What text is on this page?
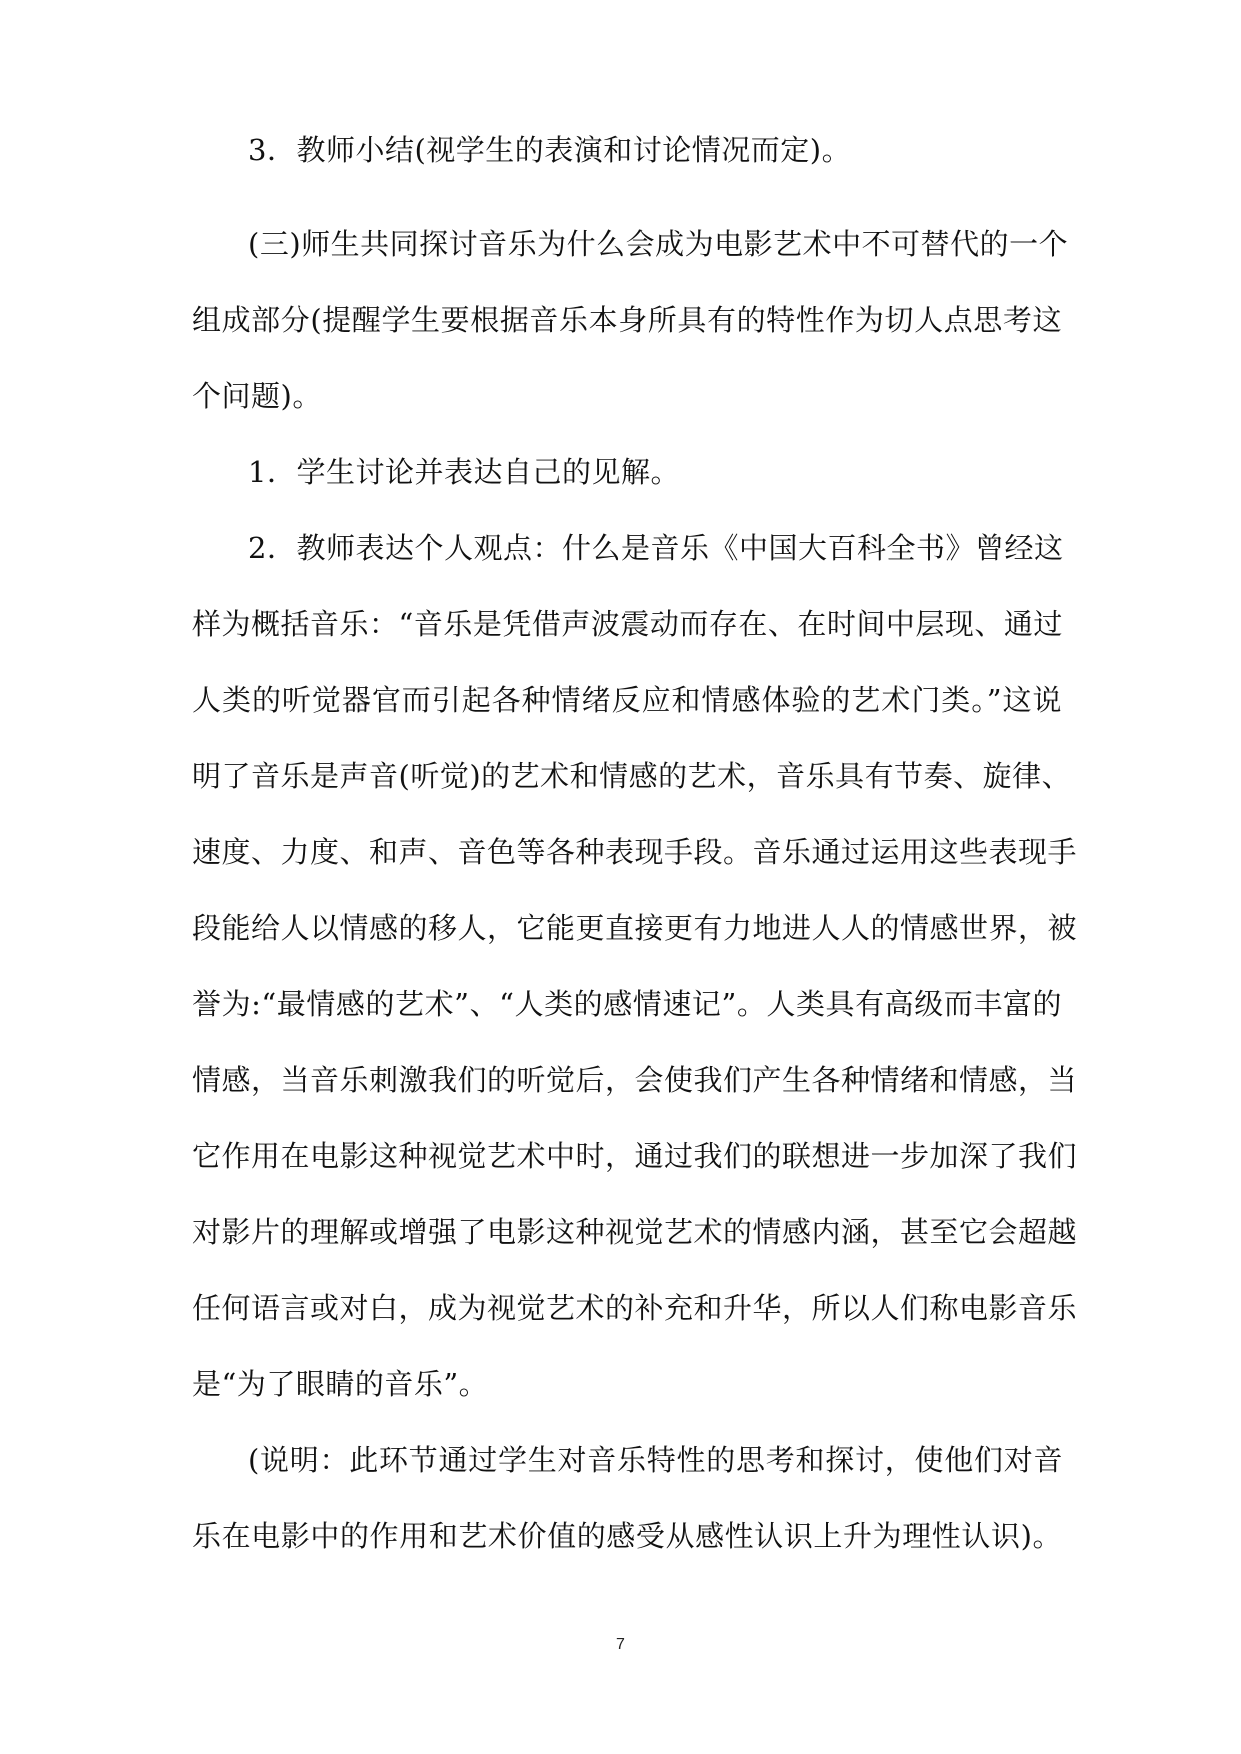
3．教师小结(视学生的表演和讨论情况而定)。
(三)师生共同探讨音乐为什么会成为电影艺术中不可替代的一个
组成部分(提醒学生要根据音乐本身所具有的特性作为切人点思考这
个问题)。
1．学生讨论并表达自己的见解。
2．教师表达个人观点：什么是音乐《中国大百科全书》曾经这
样为概括音乐：“音乐是凭借声波震动而存在、在时间中层现、通过
人类的听觉器官而引起各种情绪反应和情感体验的艺术门类。”这说
明了音乐是声音(听觉)的艺术和情感的艺术，音乐具有节奏、旋律、
速度、力度、和声、音色等各种表现手段。音乐通过运用这些表现手
段能给人以情感的移人，它能更直接更有力地进人人的情感世界，被
誉为:“最情感的艺术”、“人类的感情速记”。人类具有高级而丰富的
情感，当音乐刺激我们的听觉后，会使我们产生各种情绪和情感，当
它作用在电影这种视觉艺术中时，通过我们的联想进一步加深了我们
对影片的理解或增强了电影这种视觉艺术的情感内涵，甚至它会超越
任何语言或对白，成为视觉艺术的补充和升华，所以人们称电影音乐
是“为了眼睛的音乐”。
(说明：此环节通过学生对音乐特性的思考和探讨，使他们对音
乐在电影中的作用和艺术价值的感受从感性认识上升为理性认识)。
7
